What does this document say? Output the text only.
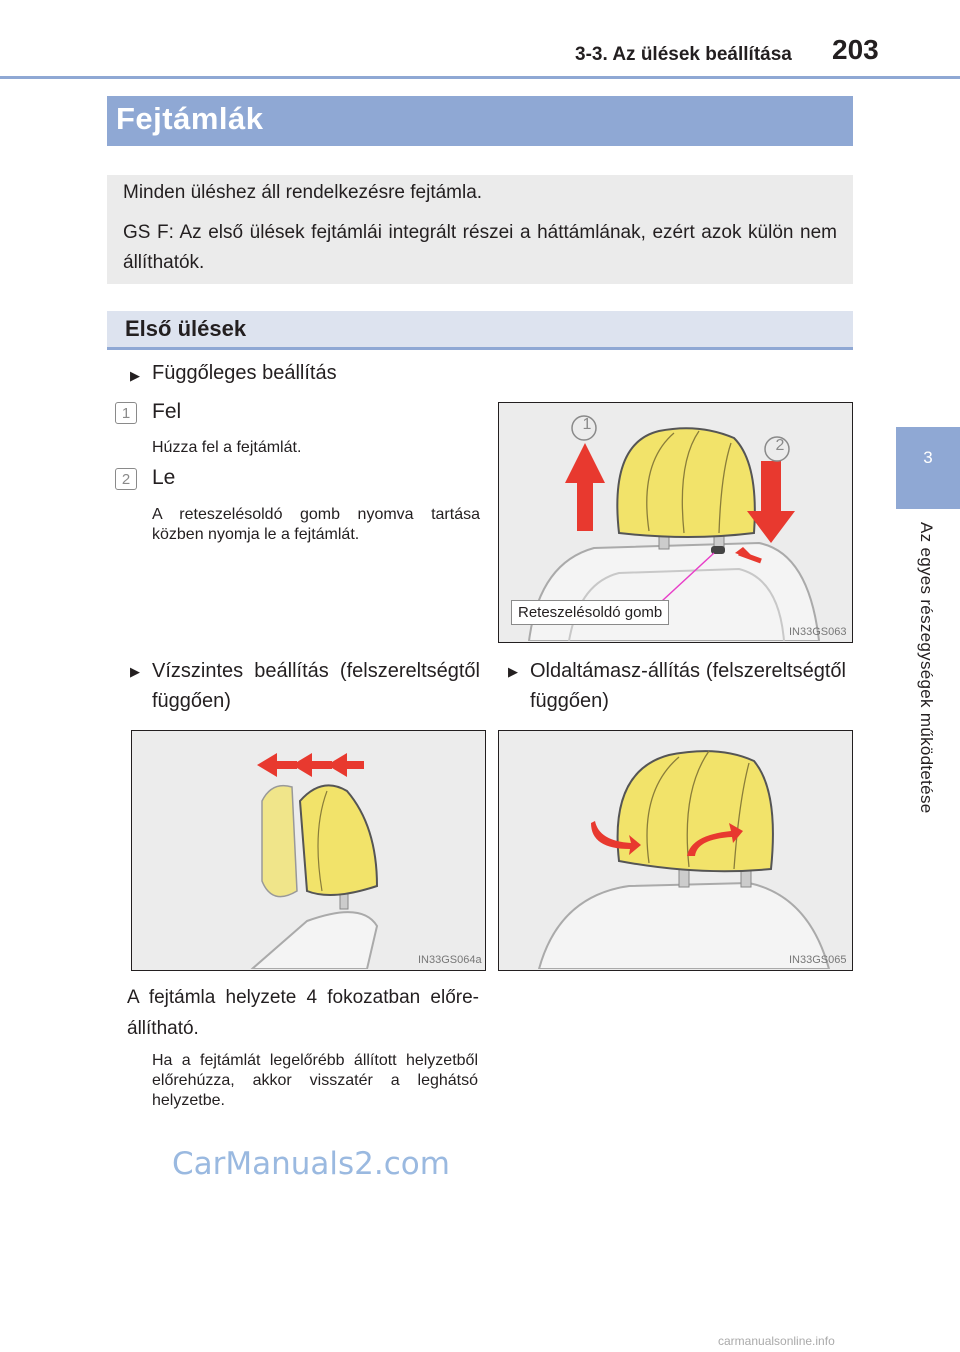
3-3. Az ülések beállítása 203
3
Az egyes részegységek működtetése
Fejtámlák
Minden üléshez áll rendelkezésre fejtámla.
GS F: Az első ülések fejtámlái integrált részei a háttámlának, ezért azok külön nem állíthatók.
Első ülések
▶ Függőleges beállítás
1	Fel
Húzza fel a fejtámlát.
2	Le
A reteszelésoldó gomb nyomva tartása közben nyomja le a fejtámlát.
1
2
Reteszelésoldó gomb
IN33GS063
▶ Vízszintes beállítás (felszereltségtől függően)
▶ Oldaltámasz-állítás (felszereltségtől függően)
IN33GS064a	IN33GS065
A fejtámla helyzete 4 fokozatban előre-állítható.
Ha a fejtámlát legelőrébb állított helyzetből előrehúzza, akkor visszatér a leghátsó helyzetbe.
CarManuals2.com
carmanualsonline.info
